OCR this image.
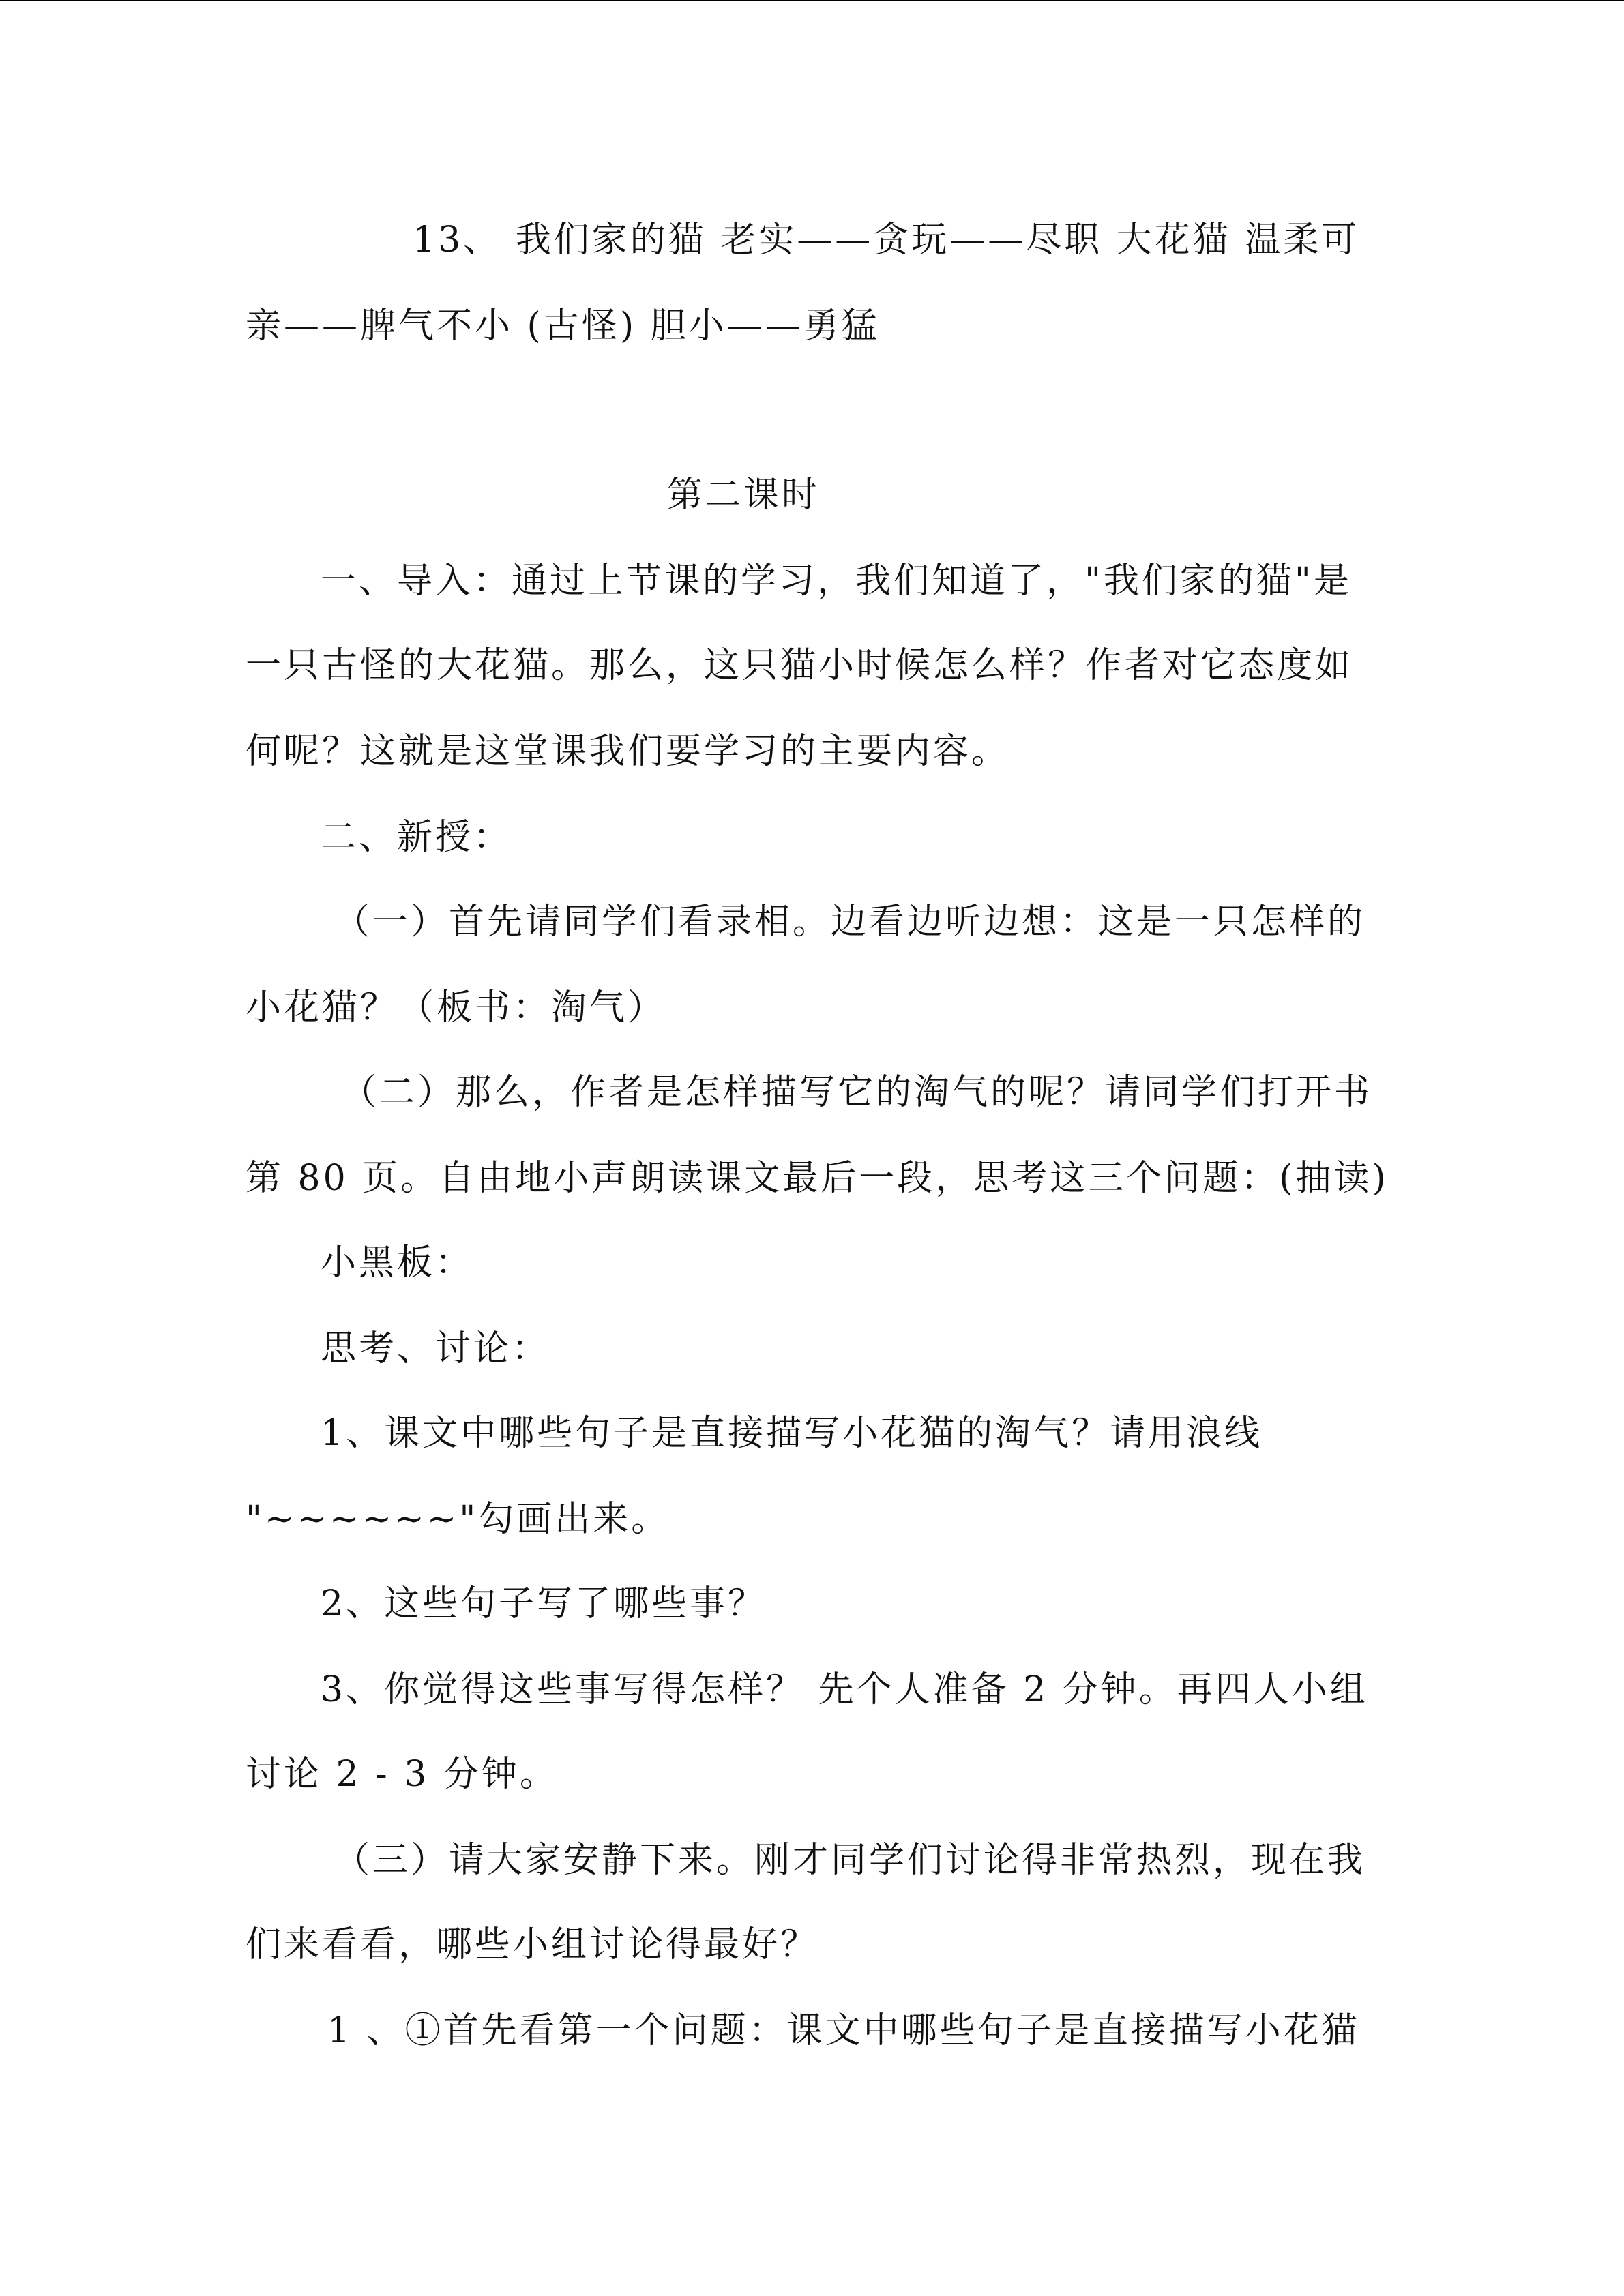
13、 我们家的猫 老实——贪玩——尽职 大花猫 温柔可
亲——脾气不小 (古怪) 胆小——勇猛
第二课时
一、导入：通过上节课的学习，我们知道了，"我们家的猫"是
一只古怪的大花猫。那么，这只猫小时候怎么样？作者对它态度如
何呢？这就是这堂课我们要学习的主要内容。
二、新授：
（一）首先请同学们看录相。边看边听边想：这是一只怎样的
小花猫？（板书：淘气）
（二）那么，作者是怎样描写它的淘气的呢？请同学们打开书
第 80 页。自由地小声朗读课文最后一段，思考这三个问题：(抽读)
小黑板：
思考、讨论：
1、课文中哪些句子是直接描写小花猫的淘气？请用浪线
"~~~~~~"勾画出来。
2、这些句子写了哪些事？
3、你觉得这些事写得怎样？ 先个人准备 2 分钟。再四人小组
讨论 2 - 3 分钟。
（三）请大家安静下来。刚才同学们讨论得非常热烈，现在我
们来看看，哪些小组讨论得最好？
1 、①首先看第一个问题：课文中哪些句子是直接描写小花猫
